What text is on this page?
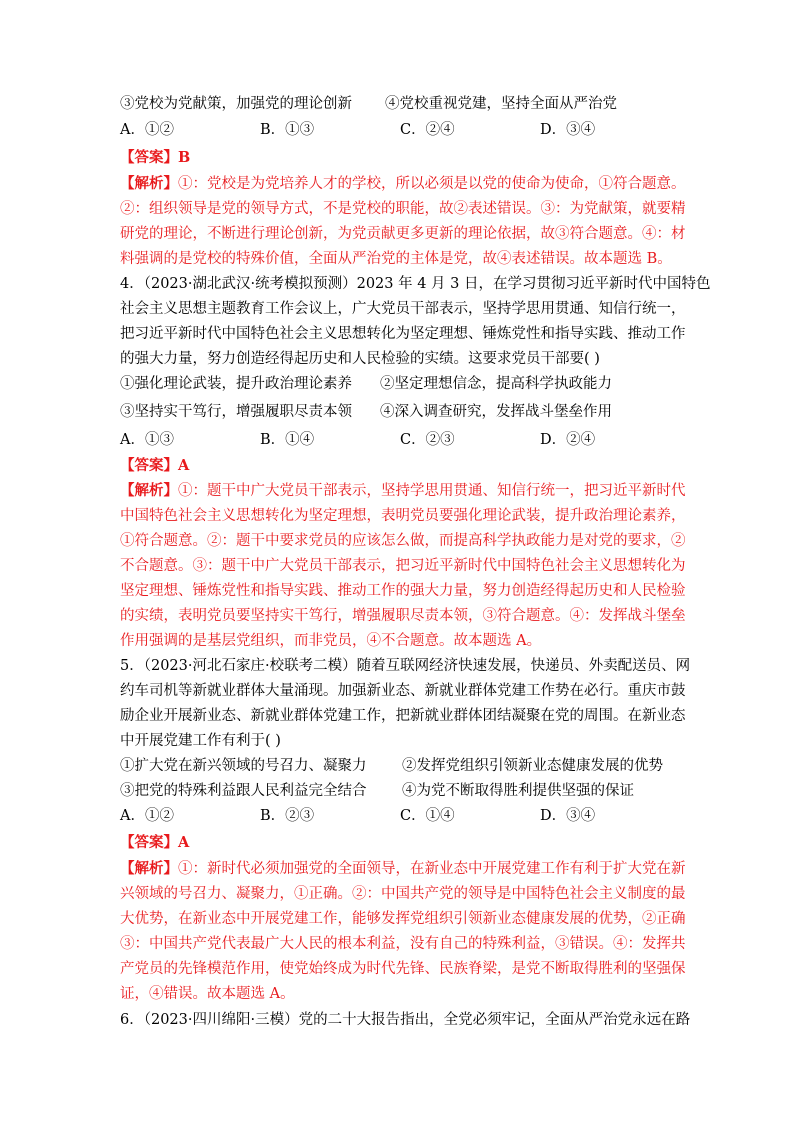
③党校为党献策，加强党的理论创新 ④党校重视党建，坚持全面从严治党
A．①②	B．①③	C．②④	D．③④
【答案】B
【解析】①：党校是为党培养人才的学校，所以必须是以党的使命为使命，①符合题意。
②：组织领导是党的领导方式，不是党校的职能，故②表述错误。③：为党献策，就要精
研党的理论，不断进行理论创新，为党贡献更多更新的理论依据，故③符合题意。④：材
料强调的是党校的特殊价值，全面从严治党的主体是党，故④表述错误。故本题选 B。
4．（2023·湖北武汉·统考模拟预测）2023 年 4 月 3 日，在学习贯彻习近平新时代中国特色
社会主义思想主题教育工作会议上，广大党员干部表示，坚持学思用贯通、知信行统一，
把习近平新时代中国特色社会主义思想转化为坚定理想、锤炼党性和指导实践、推动工作
的强大力量，努力创造经得起历史和人民检验的实绩。这要求党员干部要( )
①强化理论武装，提升政治理论素养 ②坚定理想信念，提高科学执政能力
③坚持实干笃行，增强履职尽责本领 ④深入调查研究，发挥战斗堡垒作用
A．①③	B．①④	C．②③	D．②④
【答案】A
【解析】①：题干中广大党员干部表示，坚持学思用贯通、知信行统一，把习近平新时代
中国特色社会主义思想转化为坚定理想，表明党员要强化理论武装，提升政治理论素养，
①符合题意。②：题干中要求党员的应该怎么做，而提高科学执政能力是对党的要求，②
不合题意。③：题干中广大党员干部表示，把习近平新时代中国特色社会主义思想转化为
坚定理想、锤炼党性和指导实践、推动工作的强大力量，努力创造经得起历史和人民检验
的实绩，表明党员要坚持实干笃行，增强履职尽责本领，③符合题意。④：发挥战斗堡垒
作用强调的是基层党组织，而非党员，④不合题意。故本题选 A。
5．（2023·河北石家庄·校联考二模）随着互联网经济快速发展，快递员、外卖配送员、网
约车司机等新就业群体大量涌现。加强新业态、新就业群体党建工作势在必行。重庆市鼓
励企业开展新业态、新就业群体党建工作，把新就业群体团结凝聚在党的周围。在新业态
中开展党建工作有利于( )
①扩大党在新兴领域的号召力、凝聚力 ②发挥党组织引领新业态健康发展的优势
③把党的特殊利益跟人民利益完全结合 ④为党不断取得胜利提供坚强的保证
A．①②	B．②③	C．①④	D．③④
【答案】A
【解析】①：新时代必须加强党的全面领导，在新业态中开展党建工作有利于扩大党在新
兴领域的号召力、凝聚力，①正确。②：中国共产党的领导是中国特色社会主义制度的最
大优势，在新业态中开展党建工作，能够发挥党组织引领新业态健康发展的优势，②正确
③：中国共产党代表最广大人民的根本利益，没有自己的特殊利益，③错误。④：发挥共
产党员的先锋模范作用，使党始终成为时代先锋、民族脊梁，是党不断取得胜利的坚强保
证，④错误。故本题选 A。
6．（2023·四川绵阳·三模）党的二十大报告指出，全党必须牢记，全面从严治党永远在路
